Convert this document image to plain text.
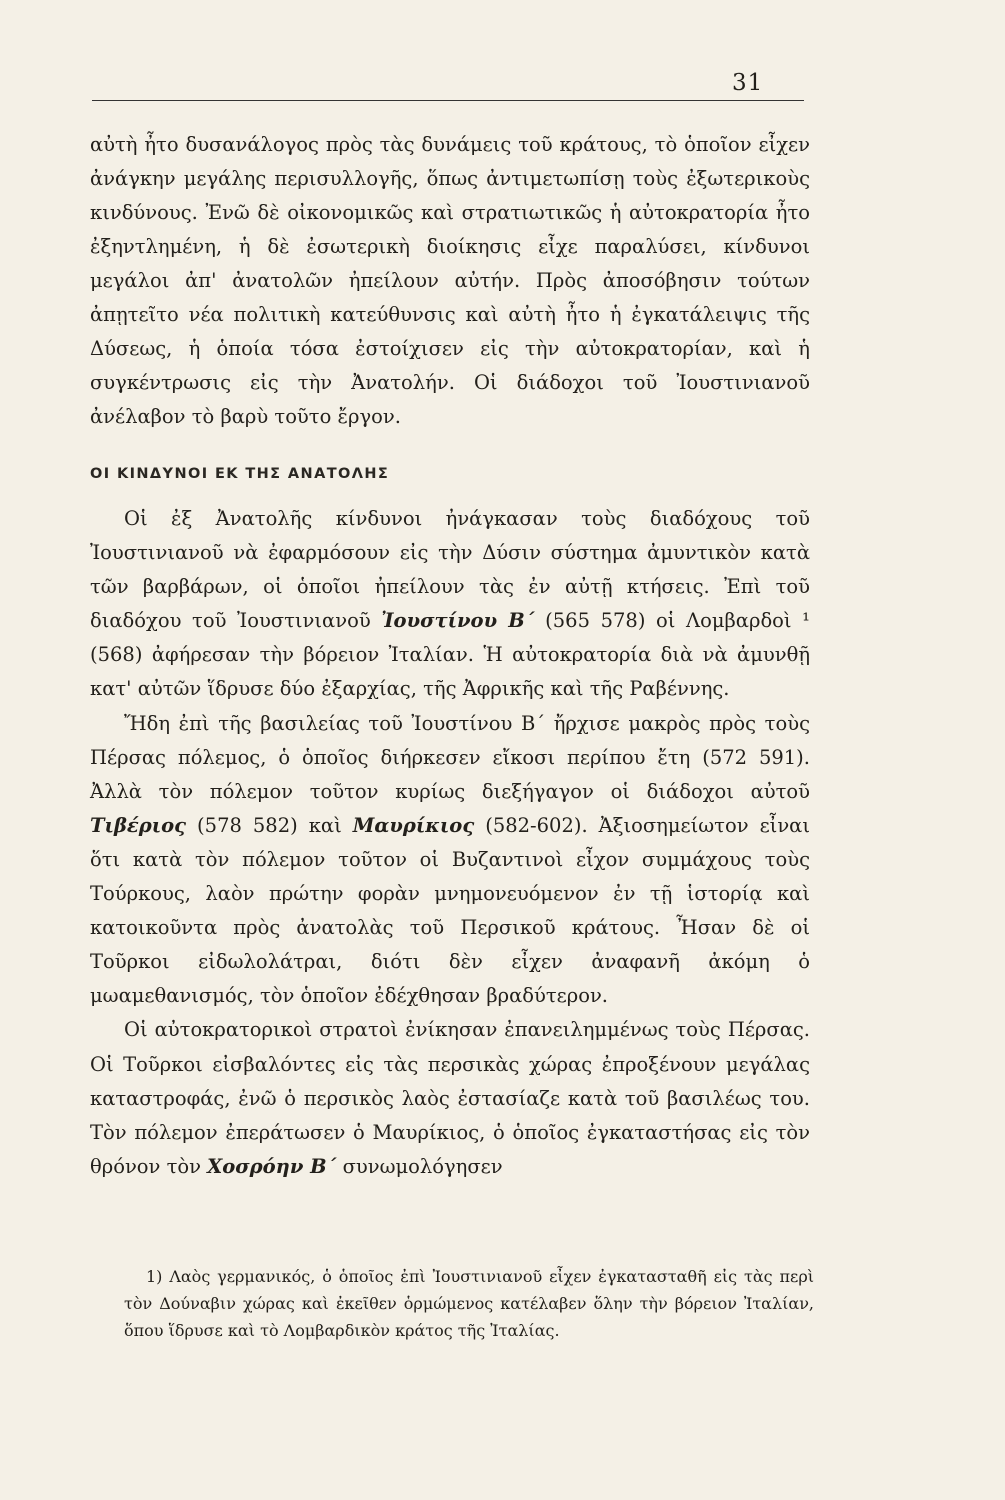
31

αὐτὴ ἦτο δυσανάλογος πρὸς τὰς δυνάμεις τοῦ κράτους, τὸ ὁποῖον εἶχεν ἀνάγκην μεγάλης περισυλλογῆς, ὅπως ἀντιμετωπίσῃ τοὺς ἐξωτερικοὺς κινδύνους. Ἐνῶ δὲ οἰκονομικῶς καὶ στρατιωτικῶς ἡ αὐτοκρατορία ἦτο ἐξηντλημένη, ἡ δὲ ἐσωτερικὴ διοίκησις εἶχε παραλύσει, κίνδυνοι μεγάλοι ἀπ' ἀνατολῶν ἠπείλουν αὐτήν. Πρὸς ἀποσόβησιν τούτων ἀπῃτεῖτο νέα πολιτικὴ κατεύθυνσις καὶ αὐτὴ ἦτο ἡ ἐγκατάλειψις τῆς Δύσεως, ἡ ὁποία τόσα ἐστοίχισεν εἰς τὴν αὐτοκρατορίαν, καὶ ἡ συγκέντρωσις εἰς τὴν Ἀνατολήν. Οἱ διάδοχοι τοῦ Ἰουστινιανοῦ ἀνέλαβον τὸ βαρὺ τοῦτο ἔργον.

ΟΙ ΚΙΝΔΥΝΟΙ ΕΚ ΤΗΣ ΑΝΑΤΟΛΗΣ

Οἱ ἐξ Ἀνατολῆς κίνδυνοι ἠνάγκασαν τοὺς διαδόχους τοῦ Ἰουστινιανοῦ νὰ ἐφαρμόσουν εἰς τὴν Δύσιν σύστημα ἀμυντικὸν κατὰ τῶν βαρβάρων, οἱ ὁποῖοι ἠπείλουν τὰς ἐν αὐτῇ κτήσεις. Ἐπὶ τοῦ διαδόχου τοῦ Ἰουστινιανοῦ Ἰουστίνου Β΄ (565 578) οἱ Λομβαρδοὶ ¹ (568) ἀφήρεσαν τὴν βόρειον Ἰταλίαν. Ἡ αὐτοκρατορία διὰ νὰ ἀμυνθῇ κατ' αὐτῶν ἵδρυσε δύο ἐξαρχίας, τῆς Ἀφρικῆς καὶ τῆς Ραβέννης.

Ἤδη ἐπὶ τῆς βασιλείας τοῦ Ἰουστίνου Β΄ ἤρχισε μακρὸς πρὸς τοὺς Πέρσας πόλεμος, ὁ ὁποῖος διήρκεσεν εἴκοσι περίπου ἔτη (572 591). Ἀλλὰ τὸν πόλεμον τοῦτον κυρίως διεξήγαγον οἱ διάδοχοι αὐτοῦ Τιβέριος (578 582) καὶ Μαυρίκιος (582-602). Ἀξιοσημείωτον εἶναι ὅτι κατὰ τὸν πόλεμον τοῦτον οἱ Βυζαντινοὶ εἶχον συμμάχους τοὺς Τούρκους, λαὸν πρώτην φορὰν μνημονευόμενον ἐν τῇ ἱστορίᾳ καὶ κατοικοῦντα πρὸς ἀνατολὰς τοῦ Περσικοῦ κράτους. Ἦσαν δὲ οἱ Τοῦρκοι εἰδωλολάτραι, διότι δὲν εἶχεν ἀναφανῆ ἀκόμη ὁ μωαμεθανισμός, τὸν ὁποῖον ἐδέχθησαν βραδύτερον.

Οἱ αὐτοκρατορικοὶ στρατοὶ ἐνίκησαν ἐπανειλημμένως τοὺς Πέρσας. Οἱ Τοῦρκοι εἰσβαλόντες εἰς τὰς περσικὰς χώρας ἐπροξένουν μεγάλας καταστροφάς, ἐνῶ ὁ περσικὸς λαὸς ἐστασίαζε κατὰ τοῦ βασιλέως του. Τὸν πόλεμον ἐπεράτωσεν ὁ Μαυρίκιος, ὁ ὁποῖος ἐγκαταστήσας εἰς τὸν θρόνον τὸν Χοσρόην Β΄ συνωμολόγησεν

1) Λαὸς γερμανικός, ὁ ὁποῖος ἐπὶ Ἰουστινιανοῦ εἶχεν ἐγκατασταθῆ εἰς τὰς περὶ τὸν Δούναβιν χώρας καὶ ἐκεῖθεν ὁρμώμενος κατέλαβεν ὅλην τὴν βόρειον Ἰταλίαν, ὅπου ἵδρυσε καὶ τὸ Λομβαρδικὸν κράτος τῆς Ἰταλίας.
